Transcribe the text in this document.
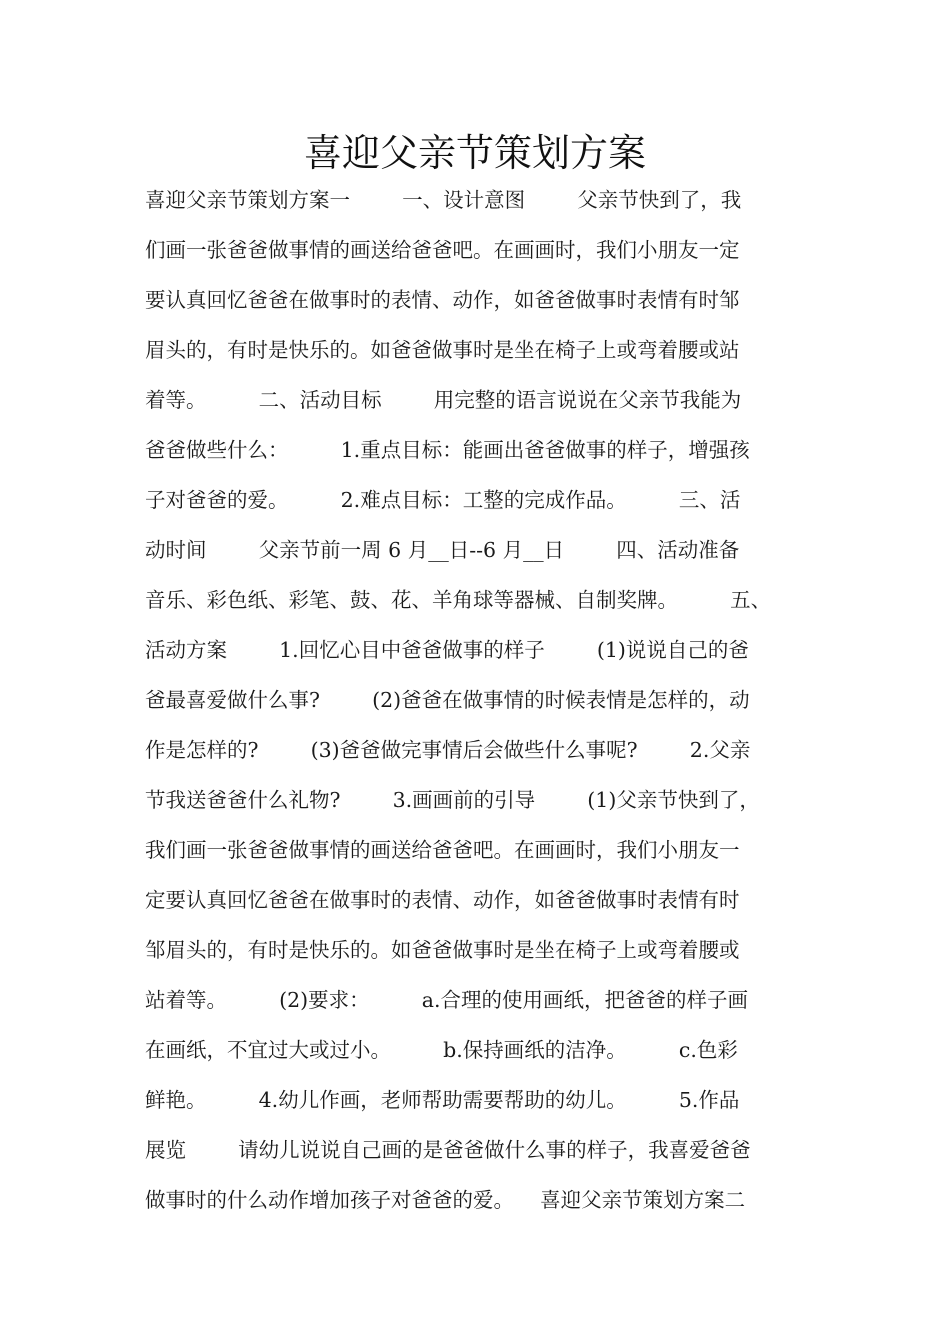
喜迎父亲节策划方案
喜迎父亲节策划方案一        一、设计意图        父亲节快到了，我
们画一张爸爸做事情的画送给爸爸吧。在画画时，我们小朋友一定
要认真回忆爸爸在做事时的表情、动作，如爸爸做事时表情有时邹
眉头的，有时是快乐的。如爸爸做事时是坐在椅子上或弯着腰或站
着等。        二、活动目标        用完整的语言说说在父亲节我能为
爸爸做些什么：        1.重点目标：能画出爸爸做事的样子，增强孩
子对爸爸的爱。        2.难点目标：工整的完成作品。        三、活
动时间        父亲节前一周 6 月__日--6 月__日        四、活动准备
音乐、彩色纸、彩笔、鼓、花、羊角球等器械、自制奖牌。        五、
活动方案        1.回忆心目中爸爸做事的样子        (1)说说自己的爸
爸最喜爱做什么事?        (2)爸爸在做事情的时候表情是怎样的，动
作是怎样的?        (3)爸爸做完事情后会做些什么事呢?        2.父亲
节我送爸爸什么礼物?        3.画画前的引导        (1)父亲节快到了，
我们画一张爸爸做事情的画送给爸爸吧。在画画时，我们小朋友一
定要认真回忆爸爸在做事时的表情、动作，如爸爸做事时表情有时
邹眉头的，有时是快乐的。如爸爸做事时是坐在椅子上或弯着腰或
站着等。        (2)要求：        a.合理的使用画纸，把爸爸的样子画
在画纸，不宜过大或过小。        b.保持画纸的洁净。        c.色彩
鲜艳。        4.幼儿作画，老师帮助需要帮助的幼儿。        5.作品
展览        请幼儿说说自己画的是爸爸做什么事的样子，我喜爱爸爸
做事时的什么动作增加孩子对爸爸的爱。    喜迎父亲节策划方案二
